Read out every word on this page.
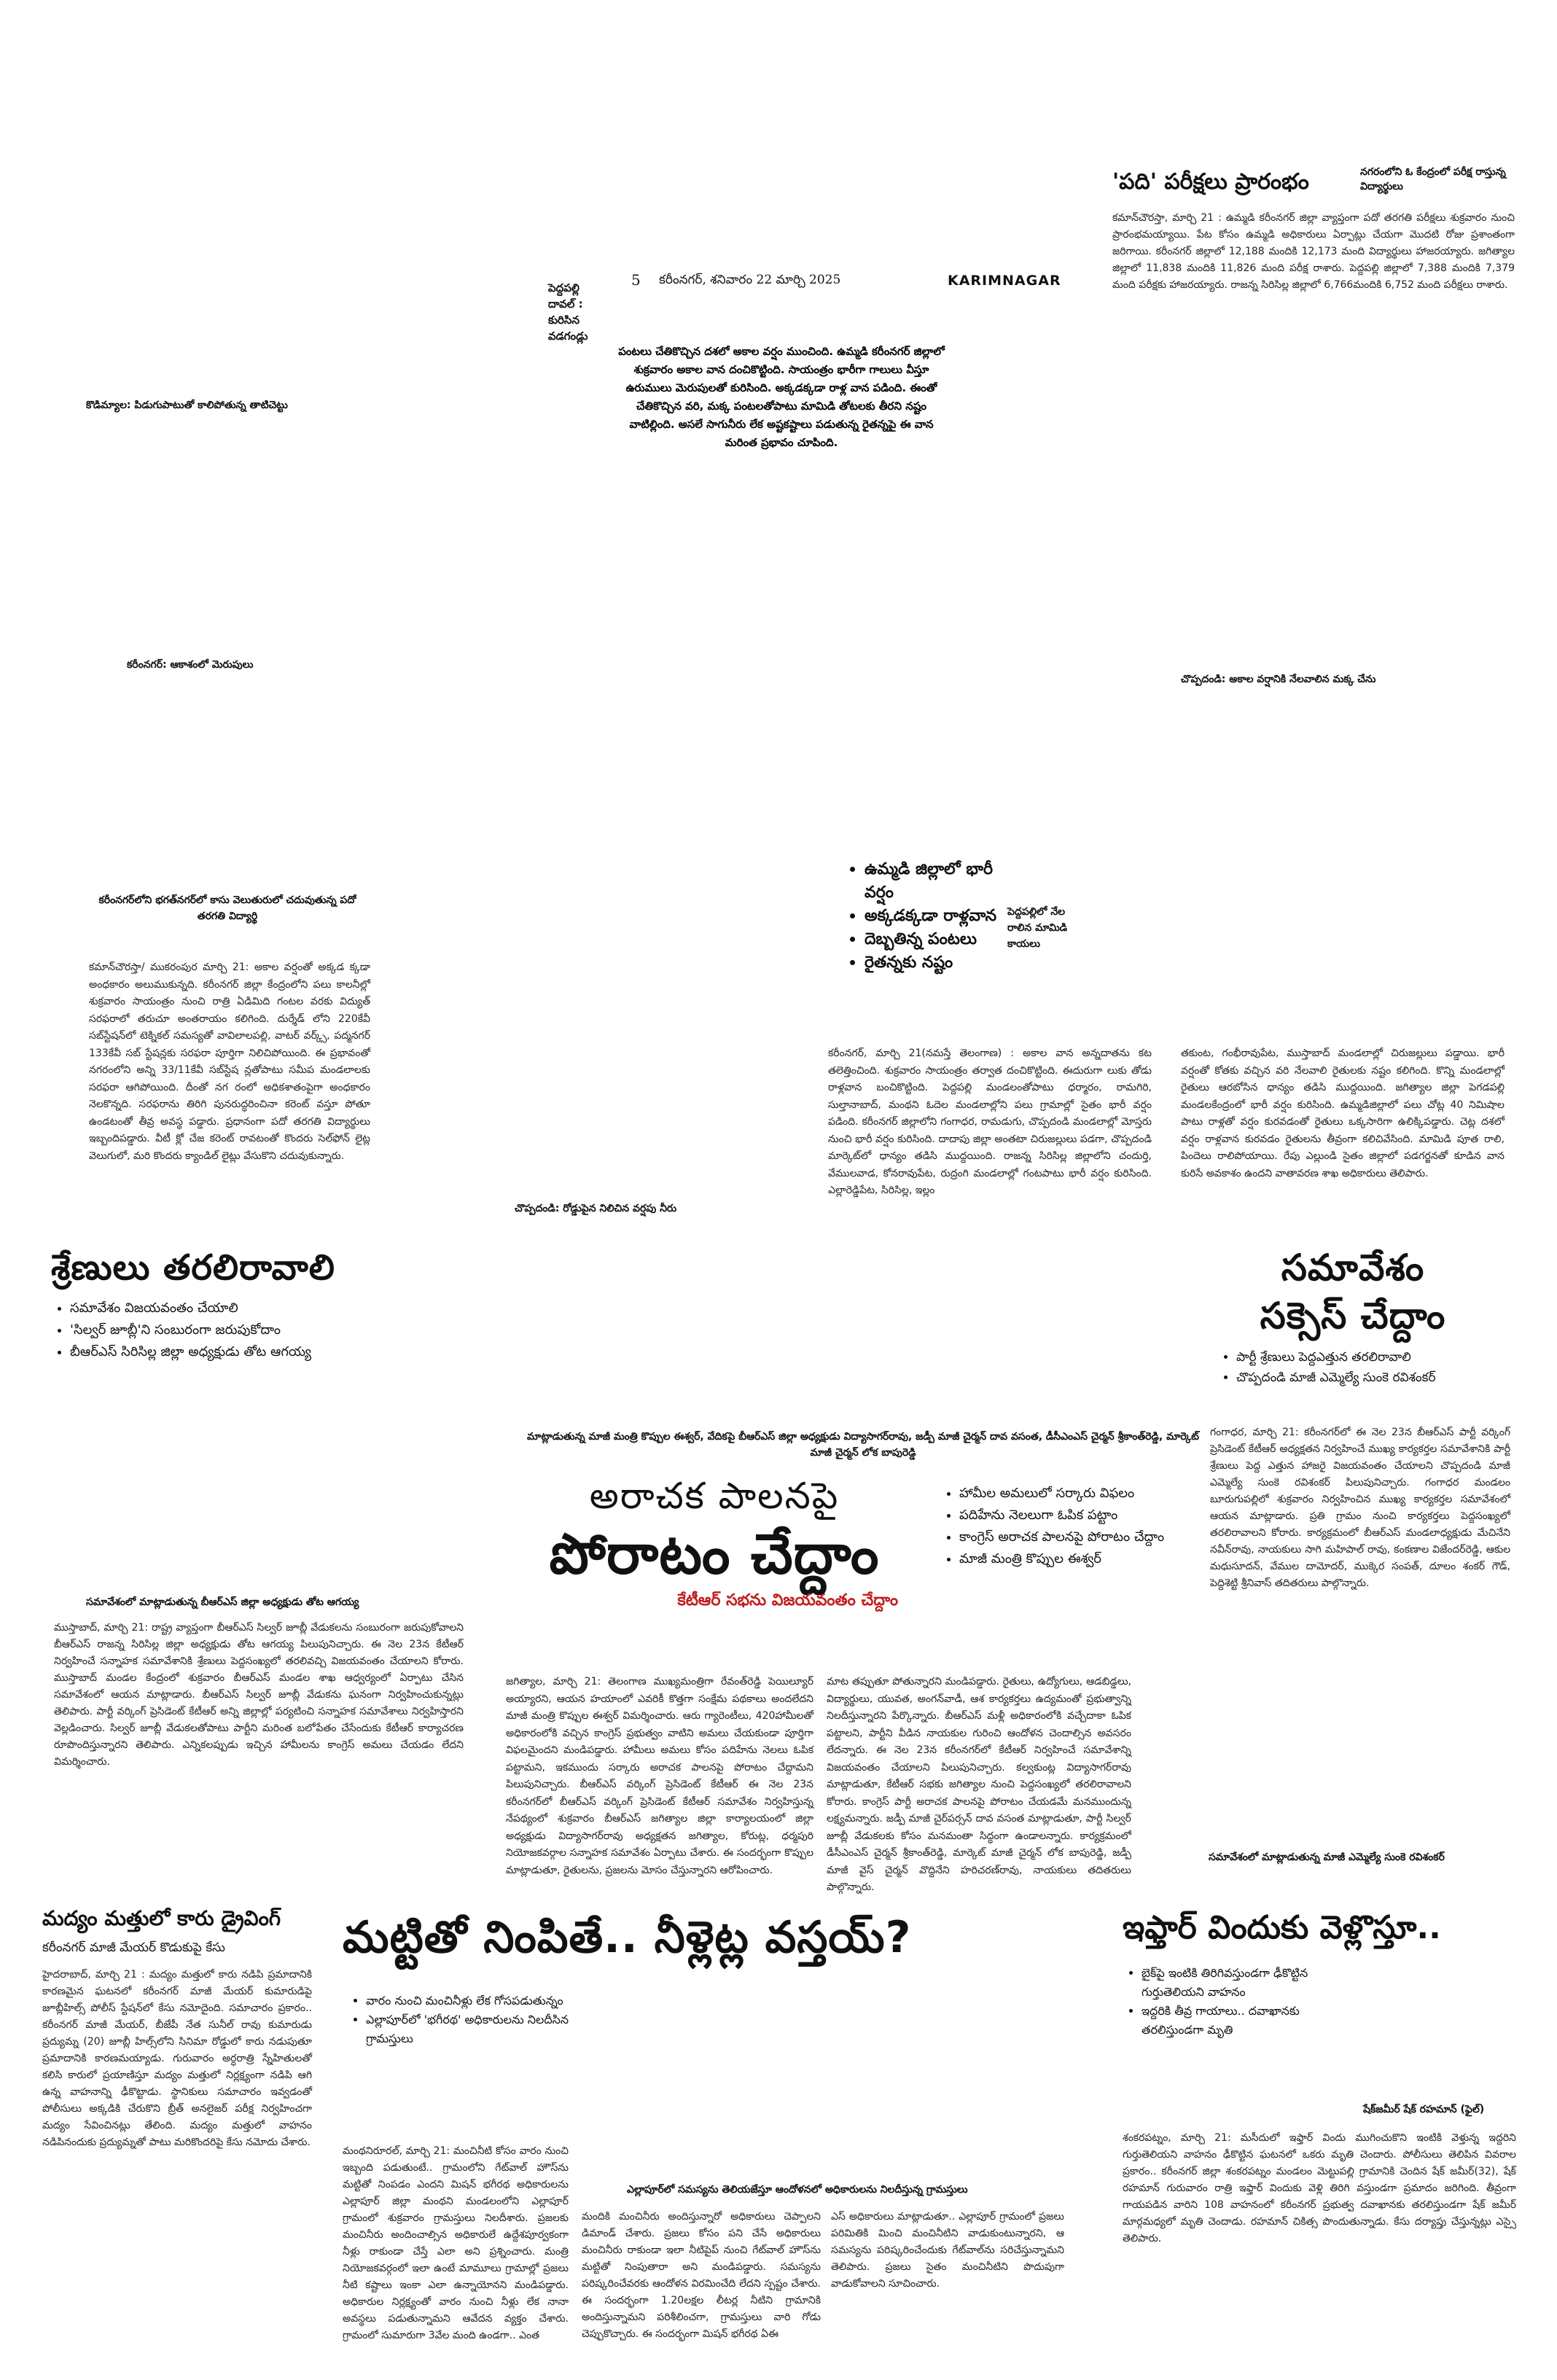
పెద్దపల్లి దావల్ : కురిసిన వడగండ్లు
5 కరీంనగర్, శనివారం 22 మార్చి 2025	KARIMNAGAR
'పది' పరీక్షలు ప్రారంభం	నగరంలోని ఓ కేంద్రంలో పరీక్ష రాస్తున్న విద్యార్థులు
కమాన్‌చౌరస్తా, మార్చి 21 : ఉమ్మడి కరీంనగర్ జిల్లా వ్యాప్తంగా పదో తరగతి పరీక్షలు శుక్రవారం నుంచి ప్రారంభమయ్యాయి. పేట కోసం ఉమ్మడి అధికారులు ఏర్పాట్లు చేయగా మొదటి రోజు ప్రశాంతంగా జరిగాయి. కరీంనగర్ జిల్లాలో 12,188 మందికి 12,173 మంది విద్యార్థులు హాజరయ్యారు. జగిత్యాల జిల్లాలో 11,838 మందికి 11,826 మంది పరీక్ష రాశారు. పెద్దపల్లి జిల్లాలో 7,388 మందికి 7,379 మంది పరీక్షకు హాజరయ్యారు. రాజన్న సిరిసిల్ల జిల్లాలో 6,766మందికి 6,752 మంది పరీక్షలు రాశారు.
పంటలు చేతికొచ్చిన దశలో అకాల వర్షం ముంచింది. ఉమ్మడి కరీంనగర్ జిల్లాలో శుక్రవారం అకాల వాన దంచికొట్టింది. సాయంత్రం భారీగా గాలులు వీస్తూ ఉరుములు మెరుపులతో కురిసింది. అక్కడక్కడా రాళ్ల వాన పడింది. ఈంతో చేతికొచ్చిన వరి, మక్క పంటలతోపాటు మామిడి తోటలకు తీరని నష్టం వాటిల్లింది. అసలే సాగునీరు లేక అష్టకష్టాలు పడుతున్న రైతన్నపై ఈ వాన మరింత ప్రభావం చూపింది.
కొడిమ్యాల: పిడుగుపాటుతో కాలిపోతున్న తాటిచెట్టు
కరీంనగర్: ఆకాశంలో మెరుపులు
చొప్పదండి: అకాల వర్షానికి నేలవాలిన మక్క చేను
కరీంనగర్‌లోని భగత్‌నగర్‌లో కాసు వెలుతురులో చదువుతున్న పదో తరగతి విద్యార్థి
• ఉమ్మడి జిల్లాలో భారీ వర్షం
• అక్కడక్కడా రాళ్లవాన
• దెబ్బతిన్న పంటలు
• రైతన్నకు నష్టం
పెద్దపల్లిలో నేల రాలిన మామిడి కాయలు
కమాన్‌చౌరస్తా/ ముకరంపుర మార్చి 21: అకాల వర్షంతో అక్కడ క్కడా అంధకారం అలుముకున్నది. కరీంనగర్ జిల్లా కేంద్రంలోని పలు కాలనీల్లో శుక్రవారం సాయంత్రం నుంచి రాత్రి ఏడిమిది గంటల వరకు విద్యుత్ సరఫరాలో తరుచూ అంతరాయం కలిగింది. దుర్శేడ్ లోని 220కేవీ సబ్‌స్టేషన్‌లో టెక్నికల్ సమస్యతో వావిలాలపల్లి, వాటర్ వర్క్స్, పద్మనగర్ 133కేవీ సబ్ స్టేషన్లకు సరఫరా పూర్తిగా నిలిచిపోయింది. ఈ ప్రభావంతో నగరంలోని అన్ని 33/11కేవీ సబ్‌స్టేష న్లతోపాటు సమీప మండలాలకు సరఫరా ఆగిపోయింది. దీంతో నగ రంలో అధికశాతంపైగా అంధకారం నెలకొన్నది. సరఫరాను తిరిగి పునరుద్ధరించినా కరెంట్ వస్తూ పోతూ ఉండటంతో తీవ్ర అవస్థ పడ్డారు. ప్రధానంగా పదో తరగతి విద్యార్థులు ఇబ్బందిపడ్డారు. వీటీ క్లో చేజ కరెంట్ రావటంతో కొందరు సెల్‌ఫోన్ లైట్ల వెలుగులో, మరి కొందరు క్యాండిల్ లైట్లు వేసుకొని చదువుకున్నారు.
చొప్పదండి: రోడ్డుపైన నిలిచిన వర్షపు నీరు
కరీంనగర్, మార్చి 21(నమస్తే తెలంగాణ) : అకాల వాన అన్నదాతను కట తలెత్తించింది. శుక్రవారం సాయంత్రం తర్వాత దంచికొట్టింది. ఈదురుగా లుకు తోడు రాళ్లవాన బంచికొట్టింది. పెద్దపల్లి మండలంతోపాటు ధర్మారం, రామగిరి, సుల్తానాబాద్, మంథని ఓదెల మండలాల్లోని పలు గ్రామాల్లో సైతం భారీ వర్షం పడింది. కరీంనగర్ జిల్లాలోని గంగాధర, రామడుగు, చొప్పదండి మండలాల్లో మోస్తరు నుంచి భారీ వర్షం కురిసింది. దాదాపు జిల్లా అంతటా చిరుజల్లులు పడగా, చొప్పదండి మార్కెట్‌లో ధాన్యం తడిసి ముద్దయింది. రాజన్న సిరిసిల్ల జిల్లాలోని చందుర్తి, వేములవాడ, కోనరావుపేట, రుద్రంగి మండలాల్లో గంటపాటు భారీ వర్షం కురిసింది. ఎల్లారెడ్డిపేట, సిరిసిల్ల, ఇల్లం
తకుంట, గంభీరావుపేట, ముస్తాబాద్ మండలాల్లో చిరుజల్లులు పడ్డాయి. భారీ వర్షంతో కోతకు వచ్చిన వరి నేలవాలి రైతులకు నష్టం కలిగింది. కొన్ని మండలాల్లో రైతులు ఆరబోసిన ధాన్యం తడిసి ముద్దయింది. జగిత్యాల జిల్లా పెగడపల్లి మండలకేంద్రంలో భారీ వర్షం కురిసింది. ఉమ్మడిజిల్లాలో పలు చోట్ల 40 నిమిషాల పాటు రాళ్లతో వర్షం కురవడంతో రైతులు ఒక్కసారిగా ఉలిక్కిపడ్డారు. చెట్ల దశలో వర్షం రాళ్లవాన కురవడం రైతులను తీవ్రంగా కలిచివేసింది. మామిడి పూత రాలి, పిందెలు రాలిపోయాయి. రేపు ఎల్లుండి సైతం జిల్లాలో పడగర్జనతో కూడిన వాన కురిసే అవకాశం ఉందని వాతావరణ శాఖ అధికారులు తెలిపారు.
శ్రేణులు తరలిరావాలి
• సమావేశం విజయవంతం చేయాలి
• 'సిల్వర్ జూబ్లీ'ని సంబురంగా జరుపుకోదాం
• బీఆర్ఎస్ సిరిసిల్ల జిల్లా అధ్యక్షుడు తోట ఆగయ్య
సమావేశంలో మాట్లాడుతున్న బీఆర్ఎస్ జిల్లా అధ్యక్షుడు తోట ఆగయ్య
ముస్తాబాద్, మార్చి 21: రాష్ట్ర వ్యాప్తంగా బీఆర్ఎస్ సిల్వర్ జూబ్లీ వేడుకలను సంబురంగా జరుపుకోవాలని బీఆర్ఎస్ రాజన్న సిరిసిల్ల జిల్లా అధ్యక్షుడు తోట ఆగయ్య పిలుపునిచ్చారు. ఈ నెల 23న కేటీఆర్ నిర్వహించే సన్నాహక సమావేశానికి శ్రేణులు పెద్దసంఖ్యలో తరలివచ్చి విజయవంతం చేయాలని కోరారు. ముస్తాబాద్ మండల కేంద్రంలో శుక్రవారం బీఆర్ఎస్ మండల శాఖ ఆధ్వర్యంలో ఏర్పాటు చేసిన సమావేశంలో ఆయన మాట్లాడారు. బీఆర్ఎస్ సిల్వర్ జూబ్లీ వేడుకను ఘనంగా నిర్వహించుకున్నట్లు తెలిపారు. పార్టీ వర్కింగ్ ప్రెసిడెంట్ కేటీఆర్ అన్ని జిల్లాల్లో పర్యటించి సన్నాహక సమావేశాలు నిర్వహిస్తారని వెల్లడించారు. సిల్వర్ జూబ్లీ వేడుకలతోపాటు పార్టీని మరింత బలోపేతం చేసేందుకు కేటీఆర్ కార్యాచరణ రూపొందిస్తున్నారని తెలిపారు. ఎన్నికలప్పుడు ఇచ్చిన హామీలను కాంగ్రెస్ అమలు చేయడం లేదని విమర్శించారు.
సమావేశం
సక్సెస్ చేద్దాం
• పార్టీ శ్రేణులు పెద్దఎత్తున తరలిరావాలి
• చొప్పదండి మాజీ ఎమ్మెల్యే సుంకె రవిశంకర్
గంగాధర, మార్చి 21: కరీంనగర్‌లో ఈ నెల 23న బీఆర్ఎస్ పార్టీ వర్కింగ్ ప్రెసిడెంట్ కేటీఆర్ అధ్యక్షతన నిర్వహించే ముఖ్య కార్యకర్తల సమావేశానికి పార్టీ శ్రేణులు పెద్ద ఎత్తున హాజరై విజయవంతం చేయాలని చొప్పదండి మాజీ ఎమ్మెల్యే సుంకె రవిశంకర్ పిలుపునిచ్చారు. గంగాధర మండలం బూరుగుపల్లిలో శుక్రవారం నిర్వహించిన ముఖ్య కార్యకర్తల సమావేశంలో ఆయన మాట్లాడారు. ప్రతి గ్రామం నుంచి కార్యకర్తలు పెద్దసంఖ్యలో తరలిరావాలని కోరారు. కార్యక్రమంలో బీఆర్ఎస్ మండలాధ్యక్షుడు మేచినేని నవీన్‌రావు, నాయకులు సాగి మహిపాల్ రావు, కంకణాల విజేందర్‌రెడ్డి, ఆకుల మధుసూదన్, వేముల దామోదర్, ముక్కెర సంపత్, దూలం శంకర్ గౌడ్, పెద్దిశెట్టి శ్రీనివాస్ తదితరులు పాల్గొన్నారు.
సమావేశంలో మాట్లాడుతున్న మాజీ ఎమ్మెల్యే సుంకె రవిశంకర్
మాట్లాడుతున్న మాజీ మంత్రి కొప్పుల ఈశ్వర్, వేదికపై బీఆర్ఎస్ జిల్లా అధ్యక్షుడు విద్యాసాగర్‌రావు, జడ్పీ మాజీ చైర్మన్ దావ వసంత, డీసీఎంఎస్ చైర్మన్ శ్రీకాంత్‌రెడ్డి, మార్కెట్ మాజీ చైర్మన్ లోక బాపురెడ్డి
అరాచక పాలనపై
పోరాటం చేద్దాం
కేటీఆర్ సభను విజయవంతం చేద్దాం
• హామీల అమలులో సర్కారు విఫలం
• పదిహేను నెలలుగా ఓపిక పట్టాం
• కాంగ్రెస్ అరాచక పాలనపై పోరాటం చేద్దాం
• మాజీ మంత్రి కొప్పుల ఈశ్వర్
జగిత్యాల, మార్చి 21: తెలంగాణ ముఖ్యమంత్రిగా రేవంత్‌రెడ్డి పెయిల్యూర్ అయ్యారని, ఆయన హయాంలో ఎవరికీ కొత్తగా సంక్షేమ పథకాలు అందలేదని మాజీ మంత్రి కొప్పుల ఈశ్వర్ విమర్శించారు. ఆరు గ్యారెంటీలు, 420హామీలతో అధికారంలోకి వచ్చిన కాంగ్రెస్ ప్రభుత్వం వాటిని అమలు చేయకుండా పూర్తిగా విఫలమైందని మండిపడ్డారు. హామీలు అమలు కోసం పదిహేను నెలలు ఓపిక పట్టామని, ఇకముందు సర్కారు అరాచక పాలనపై పోరాటం చేద్దామని పిలుపునిచ్చారు. బీఆర్ఎస్ వర్కింగ్ ప్రెసిడెంట్ కేటీఆర్ ఈ నెల 23న కరీంనగర్‌లో బీఆర్ఎస్ వర్కింగ్ ప్రెసిడెంట్ కేటీఆర్ సమావేశం నిర్వహిస్తున్న నేపథ్యంలో శుక్రవారం బీఆర్ఎస్ జగిత్యాల జిల్లా కార్యాలయంలో జిల్లా అధ్యక్షుడు విద్యాసాగర్‌రావు అధ్యక్షతన జగిత్యాల, కోరుట్ల, ధర్మపురి నియోజకవర్గాల సన్నాహక సమావేశం ఏర్పాటు చేశారు. ఈ సందర్భంగా కొప్పుల మాట్లాడుతూ, రైతులను, ప్రజలను మోసం చేస్తున్నారని ఆరోపించారు.
మాట తప్పుతూ పోతున్నారని మండిపడ్డారు. రైతులు, ఉద్యోగులు, ఆడబిడ్డలు, విద్యార్థులు, యువత, అంగన్‌వాడీ, ఆశ కార్యకర్తలు ఉద్యమంతో ప్రభుత్వాన్ని నిలదీస్తున్నారని పేర్కొన్నారు. బీఆర్ఎస్ మళ్లీ అధికారంలోకి వచ్చేదాకా ఓపిక పట్టాలని, పార్టీని వీడిన నాయకుల గురించి ఆందోళన చెందాల్సిన అవసరం లేదన్నారు. ఈ నెల 23న కరీంనగర్‌లో కేటీఆర్ నిర్వహించే సమావేశాన్ని విజయవంతం చేయాలని పిలుపునిచ్చారు. కల్వకుంట్ల విద్యాసాగర్‌రావు మాట్లాడుతూ, కేటీఆర్ సభకు జగిత్యాల నుంచి పెద్దసంఖ్యలో తరలిరావాలని కోరారు. కాంగ్రెస్ పార్టీ అరాచక పాలనపై పోరాటం చేయడమే మనముందున్న లక్ష్యమన్నారు. జడ్పీ మాజీ చైర్‌పర్సన్ దావ వసంత మాట్లాడుతూ, పార్టీ సిల్వర్ జూబ్లీ వేడుకలకు కోసం మనమంతా సిద్ధంగా ఉండాలన్నారు. కార్యక్రమంలో డీసీఎంఎస్ చైర్మన్ శ్రీకాంత్‌రెడ్డి, మార్కెట్ మాజీ చైర్మన్ లోక బాపురెడ్డి, జడ్పీ మాజీ వైస్ చైర్మన్ వొద్దినేని హరిచరణ్‌రావు, నాయకులు తదితరులు పాల్గొన్నారు.
మద్యం మత్తులో కారు డ్రైవింగ్
కరీంనగర్ మాజీ మేయర్ కొడుకుపై కేసు
హైదరాబాద్, మార్చి 21 : మద్యం మత్తులో కారు నడిపి ప్రమాదానికి కారణమైన ఘటనలో కరీంనగర్ మాజీ మేయర్ కుమారుడిపై జూబ్లీహిల్స్ పోలీస్ స్టేషన్‌లో కేసు నమోదైంది. సమాచారం ప్రకారం.. కరీంనగర్ మాజీ మేయర్, బీజేపీ నేత సునీల్ రావు కుమారుడు ప్రద్యుమ్న (20) జూబ్లీ హిల్స్‌లోని సినిమా రోడ్డులో కారు నడుపుతూ ప్రమాదానికి కారణమయ్యాడు. గురువారం అర్ధరాత్రి స్నేహితులతో కలిసి కారులో ప్రయాణిస్తూ మద్యం మత్తులో నిర్లక్ష్యంగా నడిపి ఆగి ఉన్న వాహనాన్ని ఢీకొట్టాడు. స్థానికులు సమాచారం ఇవ్వడంతో పోలీసులు అక్కడికి చేరుకొని బ్రీత్ అనలైజర్ పరీక్ష నిర్వహించగా మద్యం సేవించినట్లు తేలింది. మద్యం మత్తులో వాహనం నడిపినందుకు ప్రద్యుమ్న‌తో పాటు మరికొందరిపై కేసు నమోదు చేశారు.
మట్టితో నింపితే.. నీళ్లెట్ల వస్తయ్?
• వారం నుంచి మంచినీళ్లు లేక గోసపడుతున్నం
• ఎల్లాపూర్‌లో 'భగీరథ' అధికారులను నిలదీసిన గ్రామస్తులు
మంథనిరూరల్, మార్చి 21: మంచినీటి కోసం వారం నుంచి ఇబ్బంది పడుతుంటే.. గ్రామంలోని గేట్‌వాల్ హౌస్‌ను మట్టితో నింపడం ఎందని మిషన్ భగీరథ అధికారులను ఎల్లాపూర్ జిల్లా మంథని మండలంలోని ఎల్లాపూర్ గ్రామంలో శుక్రవారం గ్రామస్తులు నిలదీశారు. ప్రజలకు మంచినీరు అందించాల్సిన అధికారులే ఉద్దేశపూర్వకంగా నీళ్లు రాకుండా చేస్తే ఎలా అని ప్రశ్నించారు. మంత్రి నియోజకవర్గంలో ఇలా ఉంటే మామూలు గ్రామాల్లో ప్రజలు నీటి కష్టాలు ఇంకా ఎలా ఉన్నాయోనని మండిపడ్డారు. అధికారుల నిర్లక్ష్యంతో వారం నుంచి నీళ్లు లేక నానా అవస్థలు పడుతున్నామని ఆవేదన వ్యక్తం చేశారు. గ్రామంలో సుమారుగా 3వేల మంది ఉండగా.. ఎంత
ఎల్లాపూర్‌లో సమస్యను తెలియజేస్తూ ఆందోళనలో అధికారులను నిలదీస్తున్న గ్రామస్తులు
మందికి మంచినీరు అందిస్తున్నారో అధికారులు చెప్పాలని డిమాండ్ చేశారు. ప్రజలు కోసం పని చేసే అధికారులు మంచినీరు రాకుండా ఇలా నీటిపైప్ నుంచి గేట్‌వాల్ హౌస్‌ను మట్టితో నింపుతారా అని మండిపడ్డారు. సమస్యను పరిష్కరించేవరకు ఆందోళన విరమించేది లేదని స్పష్టం చేశారు. ఈ సందర్భంగా 1.20లక్షల లీటర్ల నీటిని గ్రామానికి అందిస్తున్నామని పరిశీలించగా, గ్రామస్తులు వారి గోడు చెప్పుకొచ్చారు. ఈ సందర్భంగా మిషన్ భగీరథ ఏఈ
ఎస్ అధికారులు మాట్లాడుతూ.. ఎల్లాపూర్ గ్రామంలో ప్రజలు పరిమితికి మించి మంచినీటిని వాడుకుంటున్నారని, ఆ సమస్యను పరిష్కరించేందుకు గేట్‌వాల్‌ను సరిచేస్తున్నామని తెలిపారు. ప్రజలు సైతం మంచినీటిని పొదుపుగా వాడుకోవాలని సూచించారు.
ఇఫ్తార్ విందుకు వెళ్లొస్తూ..
• బైక్‌పై ఇంటికి తిరిగివస్తుండగా ఢీకొట్టిన గుర్తుతెలియని వాహనం
• ఇద్దరికి తీవ్ర గాయాలు.. దవాఖానకు తరలిస్తుండగా మృతి
షేక్‌జమీర్ షేక్ రహమాన్ (ఫైల్)
శంకరపట్నం, మార్చి 21: మసీదులో ఇఫ్తార్ విందు ముగించుకొని ఇంటికి వెళ్తున్న ఇద్దరిని గుర్తుతెలియని వాహనం ఢీకొట్టిన ఘటనలో ఒకరు మృతి చెందారు. పోలీసులు తెలిపిన వివరాల ప్రకారం.. కరీంనగర్ జిల్లా శంకరపట్నం మండలం మెట్టుపల్లి గ్రామానికి చెందిన షేక్ జమీర్(32), షేక్ రహమాన్ గురువారం రాత్రి ఇఫ్తార్ విందుకు వెళ్లి తిరిగి వస్తుండగా ప్రమాదం జరిగింది. తీవ్రంగా గాయపడిన వారిని 108 వాహనంలో కరీంనగర్ ప్రభుత్వ దవాఖానకు తరలిస్తుండగా షేక్ జమీర్ మార్గమధ్యలో మృతి చెందాడు. రహమాన్ చికిత్స పొందుతున్నాడు. కేసు దర్యాప్తు చేస్తున్నట్లు ఎస్సై తెలిపారు.
